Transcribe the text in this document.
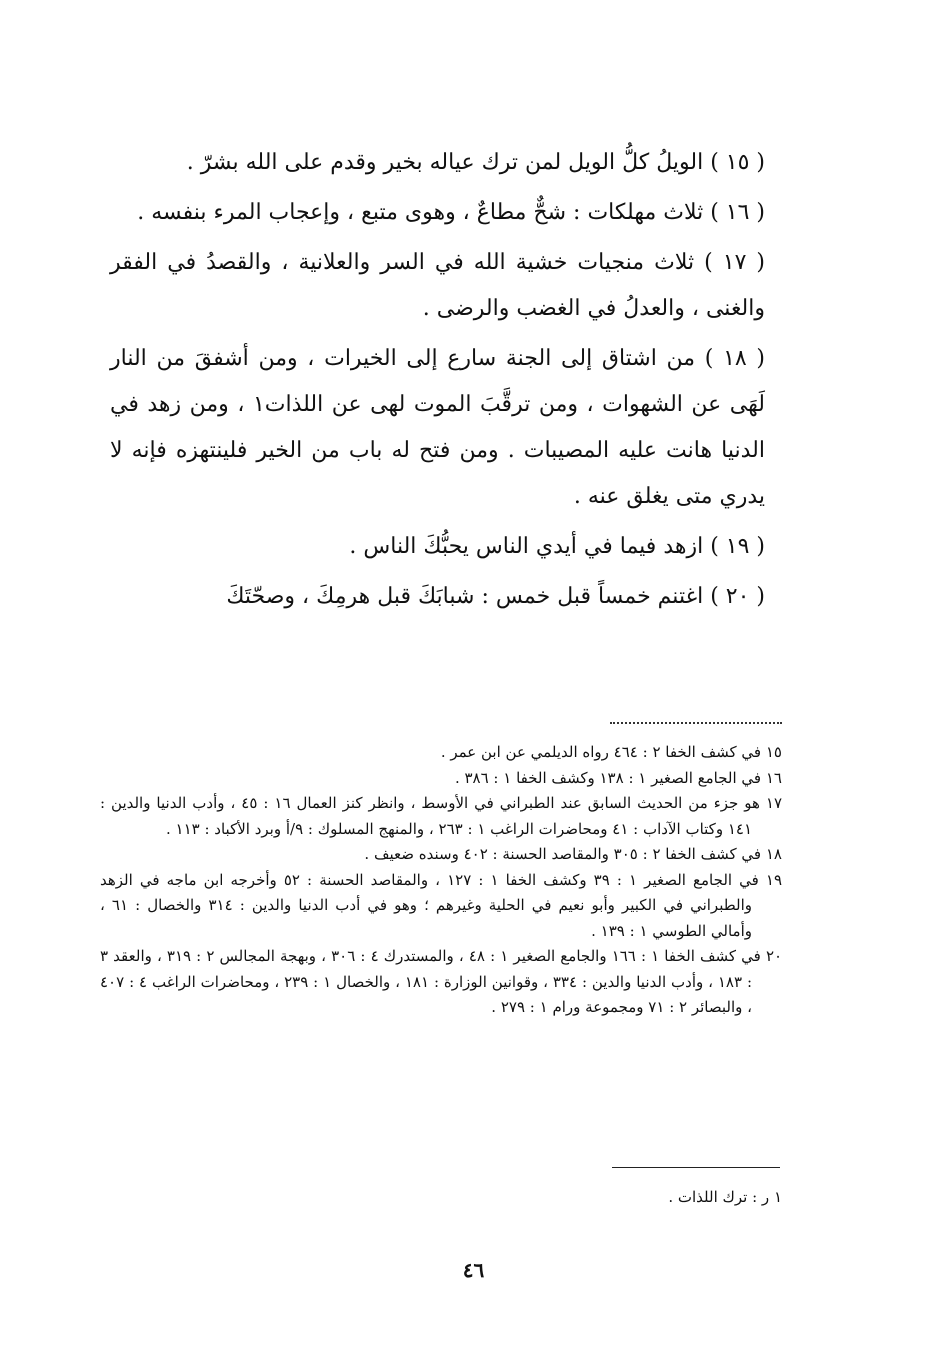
( ١٥ ) الويلُ كلُّ الويل لمن ترك عياله بخير وقدم على الله بشرّ .

( ١٦ ) ثلاث مهلكات : شحٌّ مطاعٌ ، وهوى متبع ، وإعجاب المرء بنفسه .

( ١٧ ) ثلاث منجيات خشية الله في السر والعلانية ، والقصدُ في الفقر والغنى ، والعدلُ في الغضب والرضى .

( ١٨ ) من اشتاق إلى الجنة سارع إلى الخيرات ، ومن أشفقَ من النار لَهَى عن الشهوات ، ومن ترقَّبَ الموت لهى عن اللذات١ ، ومن زهد في الدنيا هانت عليه المصيبات . ومن فتح له باب من الخير فلينتهزه فإنه لا يدري متى يغلق عنه .

( ١٩ ) ازهد فيما في أيدي الناس يحبُّكَ الناس .

( ٢٠ ) اغتنم خمساً قبل خمس : شبابَكَ قبل هرمِكَ ، وصحّتَكَ

١٥ في كشف الخفا ٢ : ٤٦٤ رواه الديلمي عن ابن عمر .

١٦ في الجامع الصغير ١ : ١٣٨ وكشف الخفا ١ : ٣٨٦ .

١٧ هو جزء من الحديث السابق عند الطبراني في الأوسط ، وانظر كنز العمال ١٦ : ٤٥ ، وأدب الدنيا والدين : ١٤١ وكتاب الآداب : ٤١ ومحاضرات الراغب ١ : ٢٦٣ ، والمنهج المسلوك : ٩/أ وبرد الأكباد : ١١٣ .

١٨ في كشف الخفا ٢ : ٣٠٥ والمقاصد الحسنة : ٤٠٢ وسنده ضعيف .

١٩ في الجامع الصغير ١ : ٣٩ وكشف الخفا ١ : ١٢٧ ، والمقاصد الحسنة : ٥٢ وأخرجه ابن ماجه في الزهد والطبراني في الكبير وأبو نعيم في الحلية وغيرهم ؛ وهو في أدب الدنيا والدين : ٣١٤ والخصال : ٦١ ، وأمالي الطوسي ١ : ١٣٩ .

٢٠ في كشف الخفا ١ : ١٦٦ والجامع الصغير ١ : ٤٨ ، والمستدرك ٤ : ٣٠٦ ، وبهجة المجالس ٢ : ٣١٩ ، والعقد ٣ : ١٨٣ ، وأدب الدنيا والدين : ٣٣٤ ، وقوانين الوزارة : ١٨١ ، والخصال ١ : ٢٣٩ ، ومحاضرات الراغب ٤ : ٤٠٧ ، والبصائر ٢ : ٧١ ومجموعة ورام ١ : ٢٧٩ .

١ ر : ترك اللذات .
٤٦
